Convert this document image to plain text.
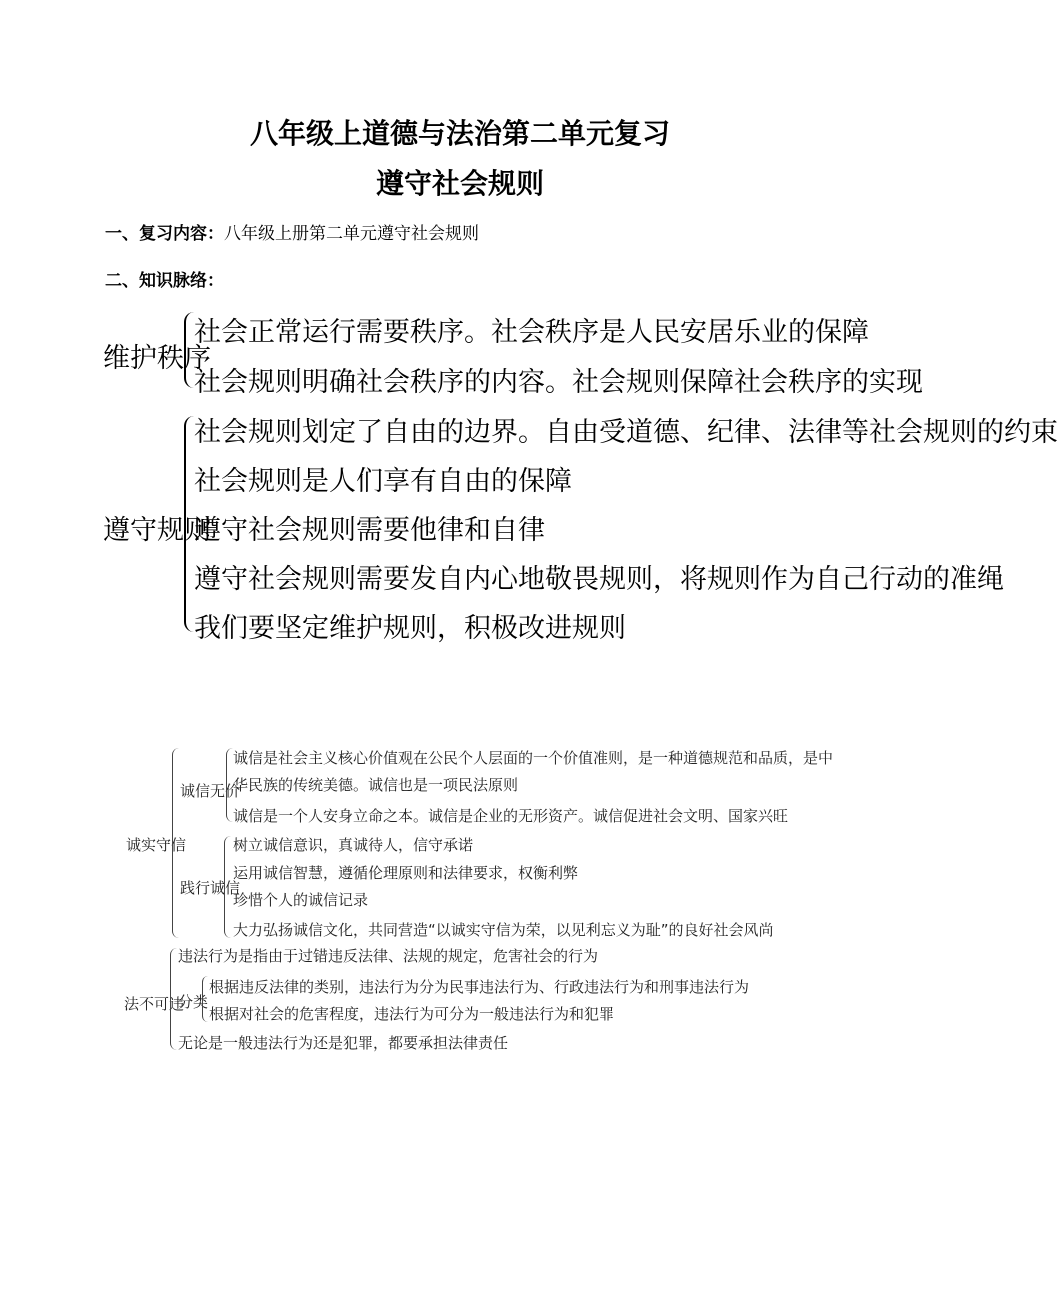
八年级上道德与法治第二单元复习
遵守社会规则
一、复习内容：八年级上册第二单元遵守社会规则
二、知识脉络：
维护秩序
社会正常运行需要秩序。社会秩序是人民安居乐业的保障
社会规则明确社会秩序的内容。社会规则保障社会秩序的实现
遵守规则
社会规则划定了自由的边界。自由受道德、纪律、法律等社会规则的约束
社会规则是人们享有自由的保障
遵守社会规则需要他律和自律
遵守社会规则需要发自内心地敬畏规则，将规则作为自己行动的准绳
我们要坚定维护规则，积极改进规则
诚实守信
诚信无价
诚信是社会主义核心价值观在公民个人层面的一个价值准则，是一种道德规范和品质，是中
华民族的传统美德。诚信也是一项民法原则
诚信是一个人安身立命之本。诚信是企业的无形资产。诚信促进社会文明、国家兴旺
践行诚信
树立诚信意识，真诚待人，信守承诺
运用诚信智慧，遵循伦理原则和法律要求，权衡利弊
珍惜个人的诚信记录
大力弘扬诚信文化，共同营造“以诚实守信为荣，以见利忘义为耻”的良好社会风尚
法不可违
违法行为是指由于过错违反法律、法规的规定，危害社会的行为
分类
根据违反法律的类别，违法行为分为民事违法行为、行政违法行为和刑事违法行为
根据对社会的危害程度，违法行为可分为一般违法行为和犯罪
无论是一般违法行为还是犯罪，都要承担法律责任
